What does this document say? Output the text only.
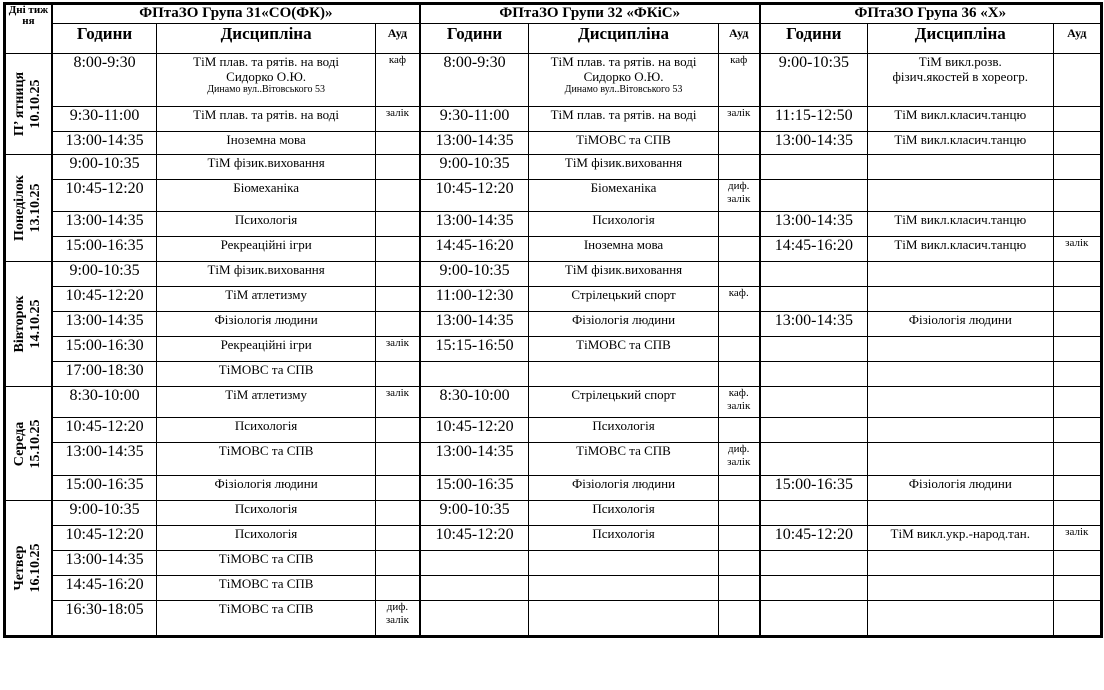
Дні тиж ня	ФПтаЗО Група 31«СО(ФК)»			ФПтаЗО Групи 32 «ФКіС»			ФПтаЗО Група 36 «Х»		
	Години	Дисципліна	Ауд	Години	Дисципліна	Ауд	Години	Дисципліна	Ауд

П’ ятниця 10.10.25	8:00-9:30	ТіМ плав. та рятів. на воді
Сидорко О.Ю.
Динамо вул..Вітовського 53	каф	8:00-9:30	ТіМ плав. та рятів. на воді
Сидорко О.Ю.
Динамо вул..Вітовського 53	каф	9:00-10:35	ТіМ викл.розв.
фізич.якостей в хореогр.	

	9:30-11:00	ТіМ плав. та рятів. на воді	залік	9:30-11:00	ТіМ плав. та рятів. на воді	залік	11:15-12:50	ТіМ викл.класич.танцю	

	13:00-14:35	Іноземна мова		13:00-14:35	ТіМОВС та СПВ		13:00-14:35	ТіМ викл.класич.танцю	

Понеділок 13.10.25	9:00-10:35	ТіМ фізик.виховання		9:00-10:35	ТіМ фізик.виховання				

	10:45-12:20	Біомеханіка		10:45-12:20	Біомеханіка	диф.
залік			

	13:00-14:35	Психологія		13:00-14:35	Психологія		13:00-14:35	ТіМ викл.класич.танцю	

	15:00-16:35	Рекреаційні ігри		14:45-16:20	Іноземна мова		14:45-16:20	ТіМ викл.класич.танцю	залік

Вівторок 14.10.25	9:00-10:35	ТіМ фізик.виховання		9:00-10:35	ТіМ фізик.виховання				

	10:45-12:20	ТіМ атлетизму		11:00-12:30	Стрілецький спорт	каф.			

	13:00-14:35	Фізіологія людини		13:00-14:35	Фізіологія людини		13:00-14:35	Фізіологія людини	

	15:00-16:30	Рекреаційні ігри	залік	15:15-16:50	ТіМОВС та СПВ				

	17:00-18:30	ТіМОВС та СПВ							

Середа 15.10.25	8:30-10:00	ТіМ атлетизму	залік	8:30-10:00	Стрілецький спорт	каф.
залік			

	10:45-12:20	Психологія		10:45-12:20	Психологія				

	13:00-14:35	ТіМОВС та СПВ		13:00-14:35	ТіМОВС та СПВ	диф.
залік			

	15:00-16:35	Фізіологія людини		15:00-16:35	Фізіологія людини		15:00-16:35	Фізіологія людини	

Четвер 16.10.25	9:00-10:35	Психологія		9:00-10:35	Психологія				

	10:45-12:20	Психологія		10:45-12:20	Психологія		10:45-12:20	ТіМ викл.укр.-народ.тан.	залік

	13:00-14:35	ТіМОВС та СПВ							

	14:45-16:20	ТіМОВС та СПВ							

	16:30-18:05	ТіМОВС та СПВ	диф.
залік						
